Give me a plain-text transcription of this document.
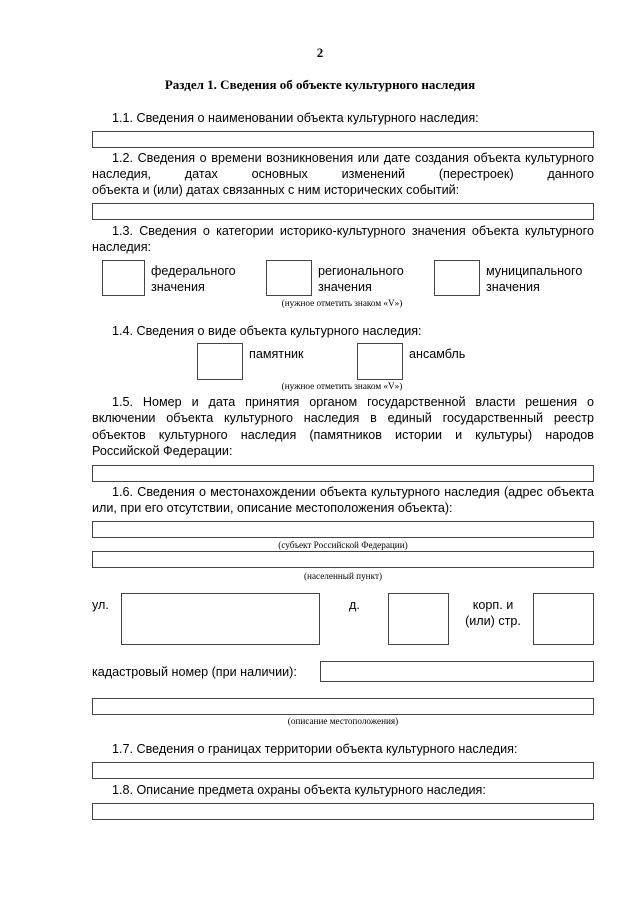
2
Раздел 1. Сведения об объекте культурного наследия
1.1. Сведения о наименовании объекта культурного наследия:
1.2. Сведения о времени возникновения или дате создания объекта культурного
наследия, датах основных изменений (перестроек) данного
объекта и (или) датах связанных с ним исторических событий:
1.3. Сведения о категории историко-культурного значения объекта культурного
наследия:
федерального
значения
регионального
значения
муниципального
значения
(нужное отметить знаком «V»)
1.4. Сведения о виде объекта культурного наследия:
памятник	ансамбль
(нужное отметить знаком «V»)
1.5. Номер и дата принятия органом государственной власти решения о
включении объекта культурного наследия в единый государственный реестр
объектов культурного наследия (памятников истории и культуры) народов
Российской Федерации:
1.6. Сведения о местонахождении объекта культурного наследия (адрес объекта
или, при его отсутствии, описание местоположения объекта):
(субъект Российской Федерации)
(населенный пункт)
ул.	д.	корп. и
(или) стр.
кадастровый номер (при наличии):
(описание местоположения)
1.7. Сведения о границах территории объекта культурного наследия:
1.8. Описание предмета охраны объекта культурного наследия:
